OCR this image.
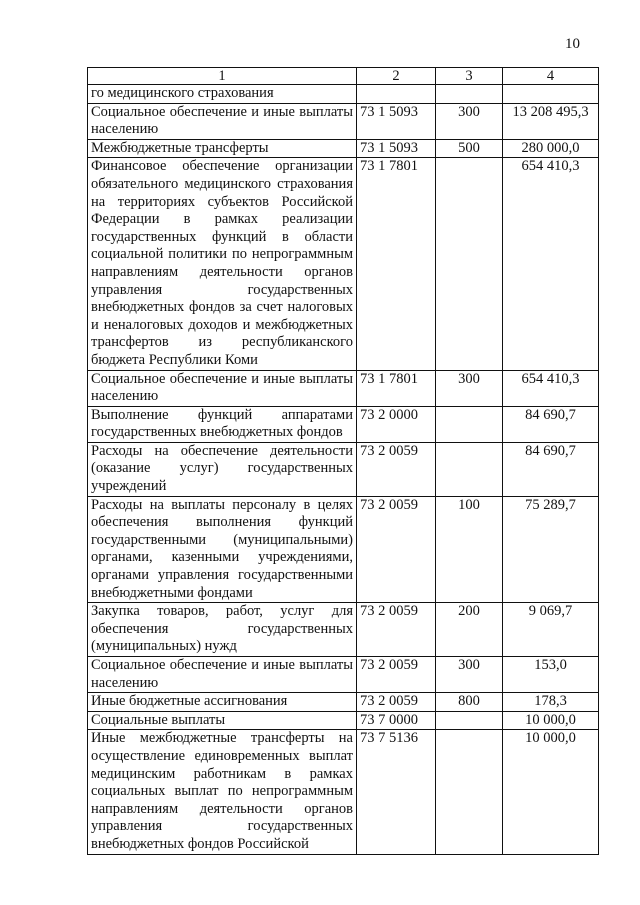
10
1	2	3	4

го медицинского страхования			

Социальное обеспечение и иные выплаты населению	73 1 5093	300	13 208 495,3

Межбюджетные трансферты	73 1 5093	500	280 000,0

Финансовое обеспечение организации обязательного медицинского страхования на территориях субъектов Российской Федерации в рамках реализации государственных функций в области социальной политики по непрограммным направлениям деятельности органов управления государственных внебюджетных фондов за счет налоговых и неналоговых доходов и межбюджетных трансфертов из республиканского бюджета Республики Коми	73 1 7801		654 410,3

Социальное обеспечение и иные выплаты населению	73 1 7801	300	654 410,3

Выполнение функций аппаратами государственных внебюджетных фондов	73 2 0000		84 690,7

Расходы на обеспечение деятельности (оказание услуг) государственных учреждений	73 2 0059		84 690,7

Расходы на выплаты персоналу в целях обеспечения выполнения функций государственными (муниципальными) органами, казенными учреждениями, органами управления государственными внебюджетными фондами	73 2 0059	100	75 289,7

Закупка товаров, работ, услуг для обеспечения государственных (муниципальных) нужд	73 2 0059	200	9 069,7

Социальное обеспечение и иные выплаты населению	73 2 0059	300	153,0

Иные бюджетные ассигнования	73 2 0059	800	178,3

Социальные выплаты	73 7 0000		10 000,0

Иные межбюджетные трансферты на осуществление единовременных выплат медицинским работникам в рамках социальных выплат по непрограммным направлениям деятельности органов управления государственных внебюджетных фондов Российской	73 7 5136		10 000,0
